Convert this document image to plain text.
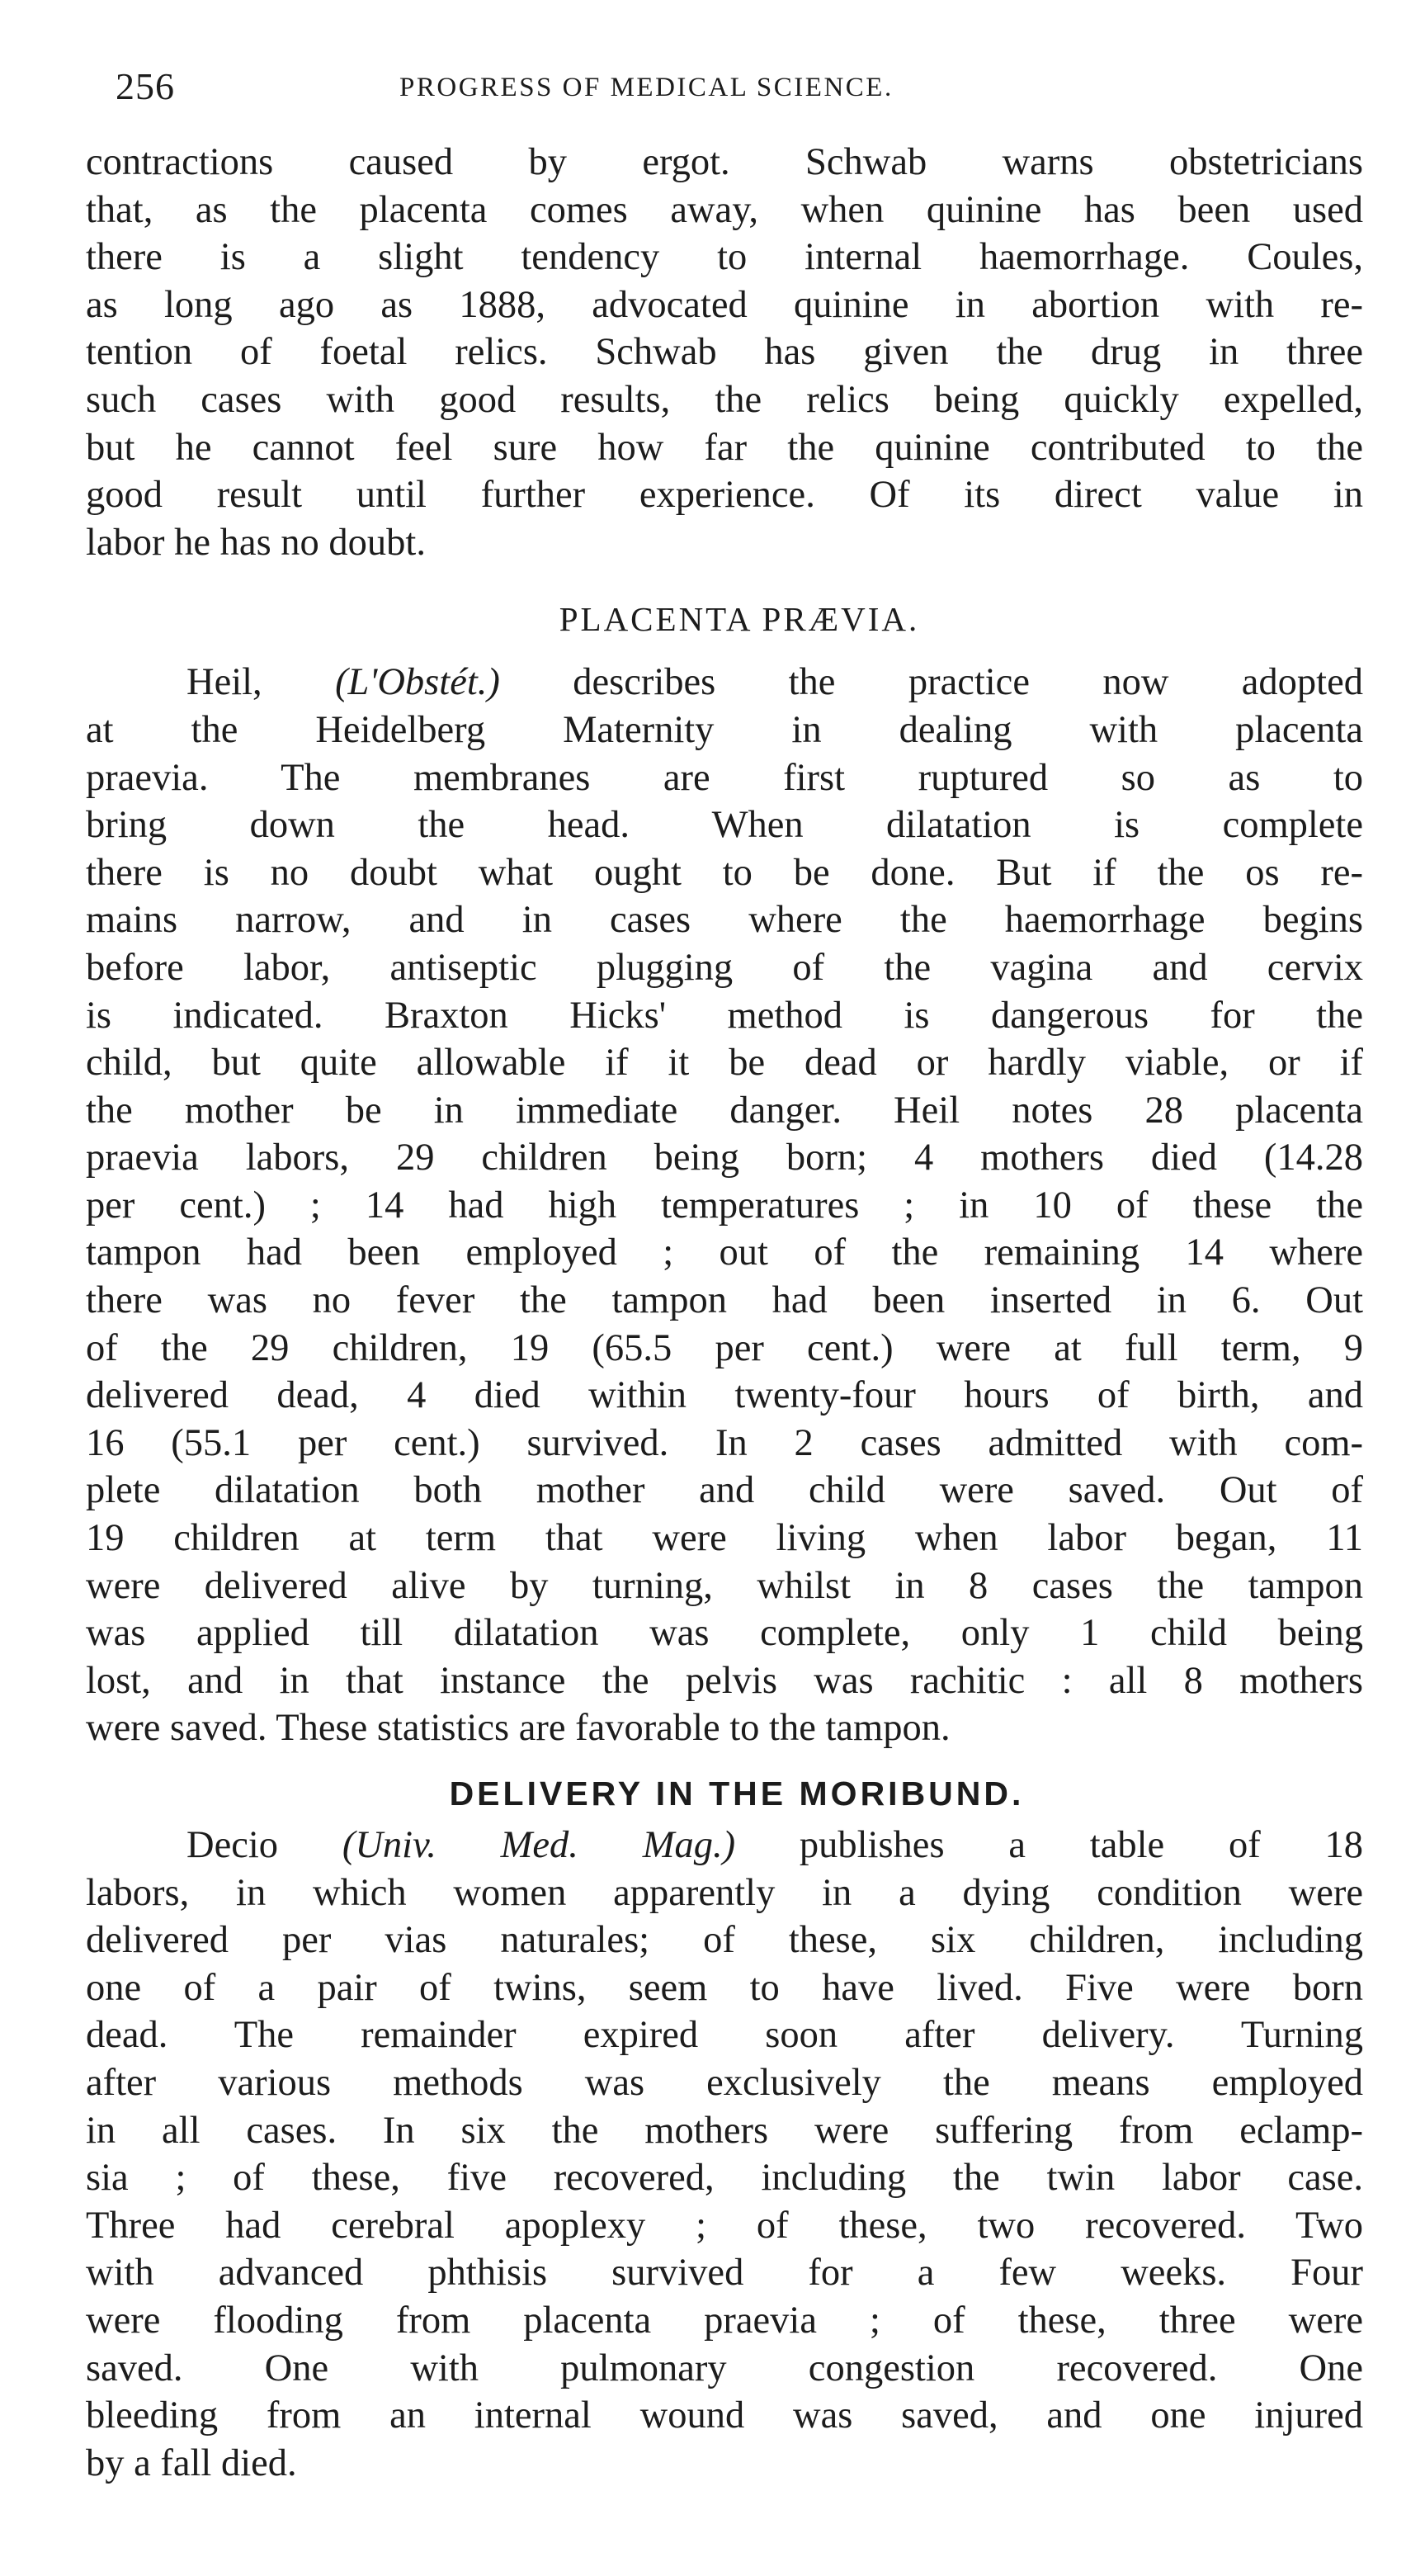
256	PROGRESS OF MEDICAL SCIENCE.

contractions caused by ergot. Schwab warns obstetricians
that, as the placenta comes away, when quinine has been used
there is a slight tendency to internal haemorrhage. Coules,
as long ago as 1888, advocated quinine in abortion with re-
tention of foetal relics. Schwab has given the drug in three
such cases with good results, the relics being quickly expelled,
but he cannot feel sure how far the quinine contributed to the
good result until further experience. Of its direct value in
labor he has no doubt.

PLACENTA PRÆVIA.

Heil, (L'Obstét.) describes the practice now adopted
at the Heidelberg Maternity in dealing with placenta
praevia. The membranes are first ruptured so as to
bring down the head. When dilatation is complete
there is no doubt what ought to be done. But if the os re-
mains narrow, and in cases where the haemorrhage begins
before labor, antiseptic plugging of the vagina and cervix
is indicated. Braxton Hicks' method is dangerous for the
child, but quite allowable if it be dead or hardly viable, or if
the mother be in immediate danger. Heil notes 28 placenta
praevia labors, 29 children being born; 4 mothers died (14.28
per cent.) ; 14 had high temperatures ; in 10 of these the
tampon had been employed ; out of the remaining 14 where
there was no fever the tampon had been inserted in 6. Out
of the 29 children, 19 (65.5 per cent.) were at full term, 9
delivered dead, 4 died within twenty-four hours of birth, and
16 (55.1 per cent.) survived. In 2 cases admitted with com-
plete dilatation both mother and child were saved. Out of
19 children at term that were living when labor began, 11
were delivered alive by turning, whilst in 8 cases the tampon
was applied till dilatation was complete, only 1 child being
lost, and in that instance the pelvis was rachitic : all 8 mothers
were saved. These statistics are favorable to the tampon.

DELIVERY IN THE MORIBUND.

Decio (Univ. Med. Mag.) publishes a table of 18
labors, in which women apparently in a dying condition were
delivered per vias naturales; of these, six children, including
one of a pair of twins, seem to have lived. Five were born
dead. The remainder expired soon after delivery. Turning
after various methods was exclusively the means employed
in all cases. In six the mothers were suffering from eclamp-
sia ; of these, five recovered, including the twin labor case.
Three had cerebral apoplexy ; of these, two recovered. Two
with advanced phthisis survived for a few weeks. Four
were flooding from placenta praevia ; of these, three were
saved. One with pulmonary congestion recovered. One
bleeding from an internal wound was saved, and one injured
by a fall died.
